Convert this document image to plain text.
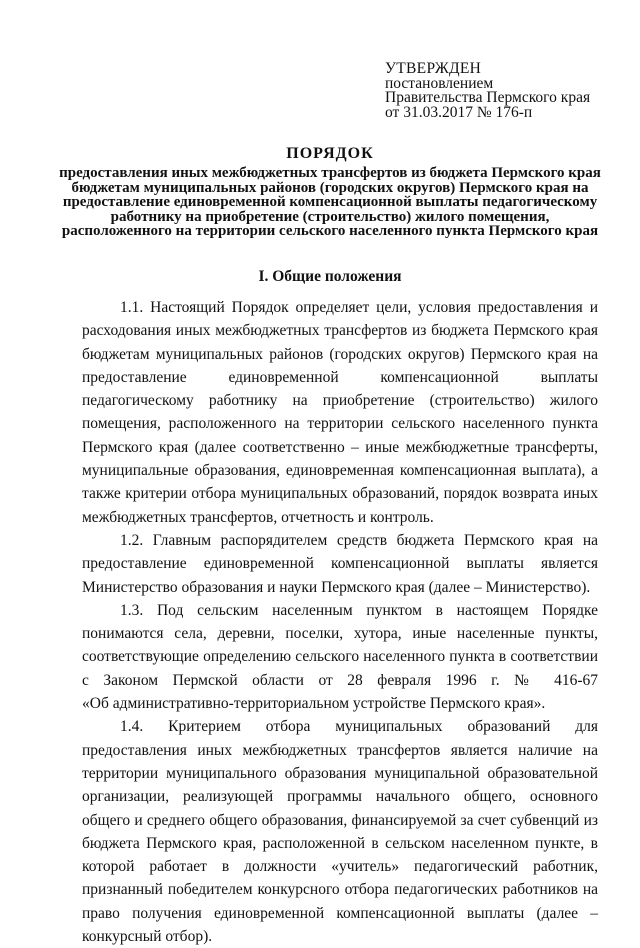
УТВЕРЖДЕН
постановлением
Правительства Пермского края
от 31.03.2017 № 176-п
ПОРЯДОК
предоставления иных межбюджетных трансфертов из бюджета Пермского края бюджетам муниципальных районов (городских округов) Пермского края на предоставление единовременной компенсационной выплаты педагогическому работнику на приобретение (строительство) жилого помещения, расположенного на территории сельского населенного пункта Пермского края
I. Общие положения

1.1. Настоящий Порядок определяет цели, условия предоставления и расходования иных межбюджетных трансфертов из бюджета Пермского края бюджетам муниципальных районов (городских округов) Пермского края на предоставление единовременной компенсационной выплаты педагогическому работнику на приобретение (строительство) жилого помещения, расположенного на территории сельского населенного пункта Пермского края (далее соответственно – иные межбюджетные трансферты, муниципальные образования, единовременная компенсационная выплата), а также критерии отбора муниципальных образований, порядок возврата иных межбюджетных трансфертов, отчетность и контроль.

1.2. Главным распорядителем средств бюджета Пермского края на предоставление единовременной компенсационной выплаты является Министерство образования и науки Пермского края (далее – Министерство).

1.3. Под сельским населенным пунктом в настоящем Порядке понимаются села, деревни, поселки, хутора, иные населенные пункты, соответствующие определению сельского населенного пункта в соответствии с Законом Пермской области от 28 февраля 1996 г. № 416-67

«Об административно-территориальном устройстве Пермского края».

1.4. Критерием отбора муниципальных образований для предоставления иных межбюджетных трансфертов является наличие на территории муниципального образования муниципальной образовательной организации, реализующей программы начального общего, основного общего и среднего общего образования, финансируемой за счет субвенций из бюджета Пермского края, расположенной в сельском населенном пункте, в которой работает в должности «учитель» педагогический работник, признанный победителем конкурсного отбора педагогических работников на право получения единовременной компенсационной выплаты (далее – конкурсный отбор).
